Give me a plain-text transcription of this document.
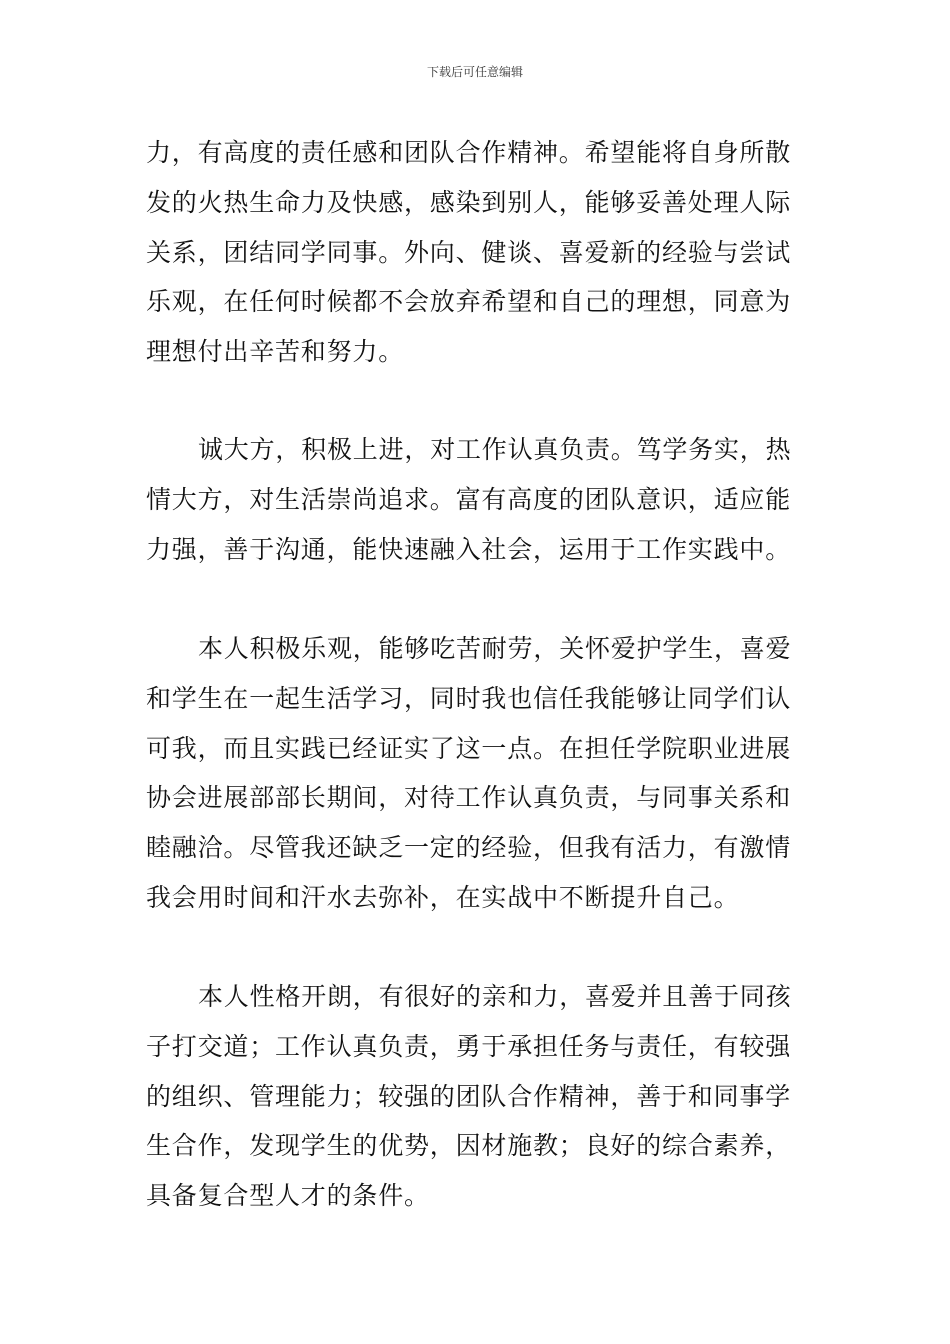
下载后可任意编辑
力，有高度的责任感和团队合作精神。希望能将自身所散
发的火热生命力及快感，感染到别人，能够妥善处理人际
关系，团结同学同事。外向、健谈、喜爱新的经验与尝试
乐观，在任何时候都不会放弃希望和自己的理想，同意为
理想付出辛苦和努力。
诚大方，积极上进，对工作认真负责。笃学务实，热
情大方，对生活崇尚追求。富有高度的团队意识，适应能
力强，善于沟通，能快速融入社会，运用于工作实践中。
本人积极乐观，能够吃苦耐劳，关怀爱护学生，喜爱
和学生在一起生活学习，同时我也信任我能够让同学们认
可我，而且实践已经证实了这一点。在担任学院职业进展
协会进展部部长期间，对待工作认真负责，与同事关系和
睦融洽。尽管我还缺乏一定的经验，但我有活力，有激情
我会用时间和汗水去弥补，在实战中不断提升自己。
本人性格开朗，有很好的亲和力，喜爱并且善于同孩
子打交道；工作认真负责，勇于承担任务与责任，有较强
的组织、管理能力；较强的团队合作精神，善于和同事学
生合作，发现学生的优势，因材施教；良好的综合素养，
具备复合型人才的条件。
